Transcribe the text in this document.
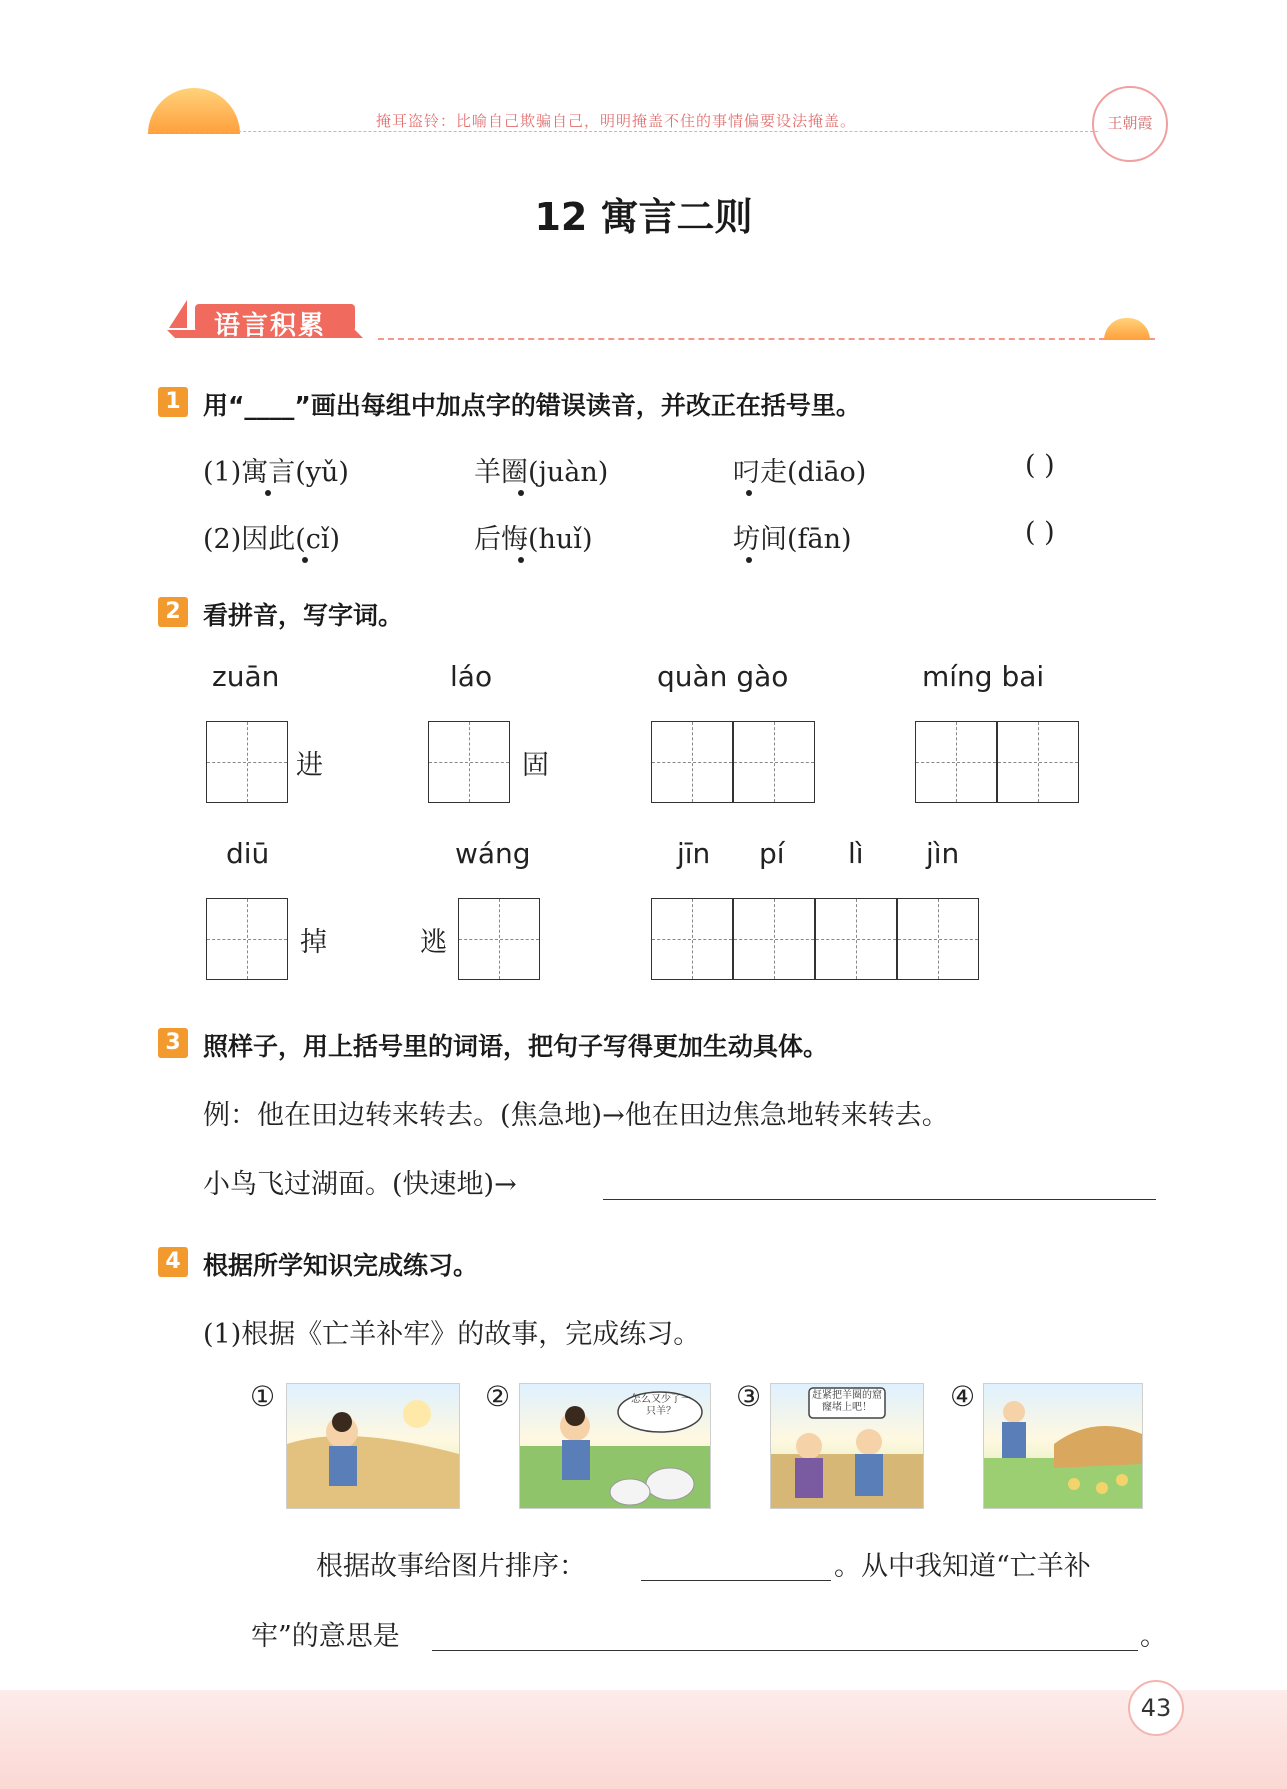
掩耳盗铃：比喻自己欺骗自己，明明掩盖不住的事情偏要设法掩盖。	王朝霞
12 寓言二则
语言积累
1 用“____”画出每组中加点字的错误读音，并改正在括号里。
(1)寓言(yǔ)	羊圈(juàn)	叼走(diāo)	( )
(2)因此(cǐ)	后悔(huǐ)	坊间(fān)	( )
2 看拼音，写字词。
zuān	láo	quàn gào	míng bai
进	固
diū	wáng	jīn pí lì jìn
掉	逃
3 照样子，用上括号里的词语，把句子写得更加生动具体。
例：他在田边转来转去。(焦急地)→他在田边焦急地转来转去。
小鸟飞过湖面。(快速地)→
4 根据所学知识完成练习。
(1)根据《亡羊补牢》的故事，完成练习。
①	②	怎么又少了一只羊？	③	赶紧把羊圈的窟窿堵上吧！	④
根据故事给图片排序：	。从中我知道“亡羊补
牢”的意思是	。
43
